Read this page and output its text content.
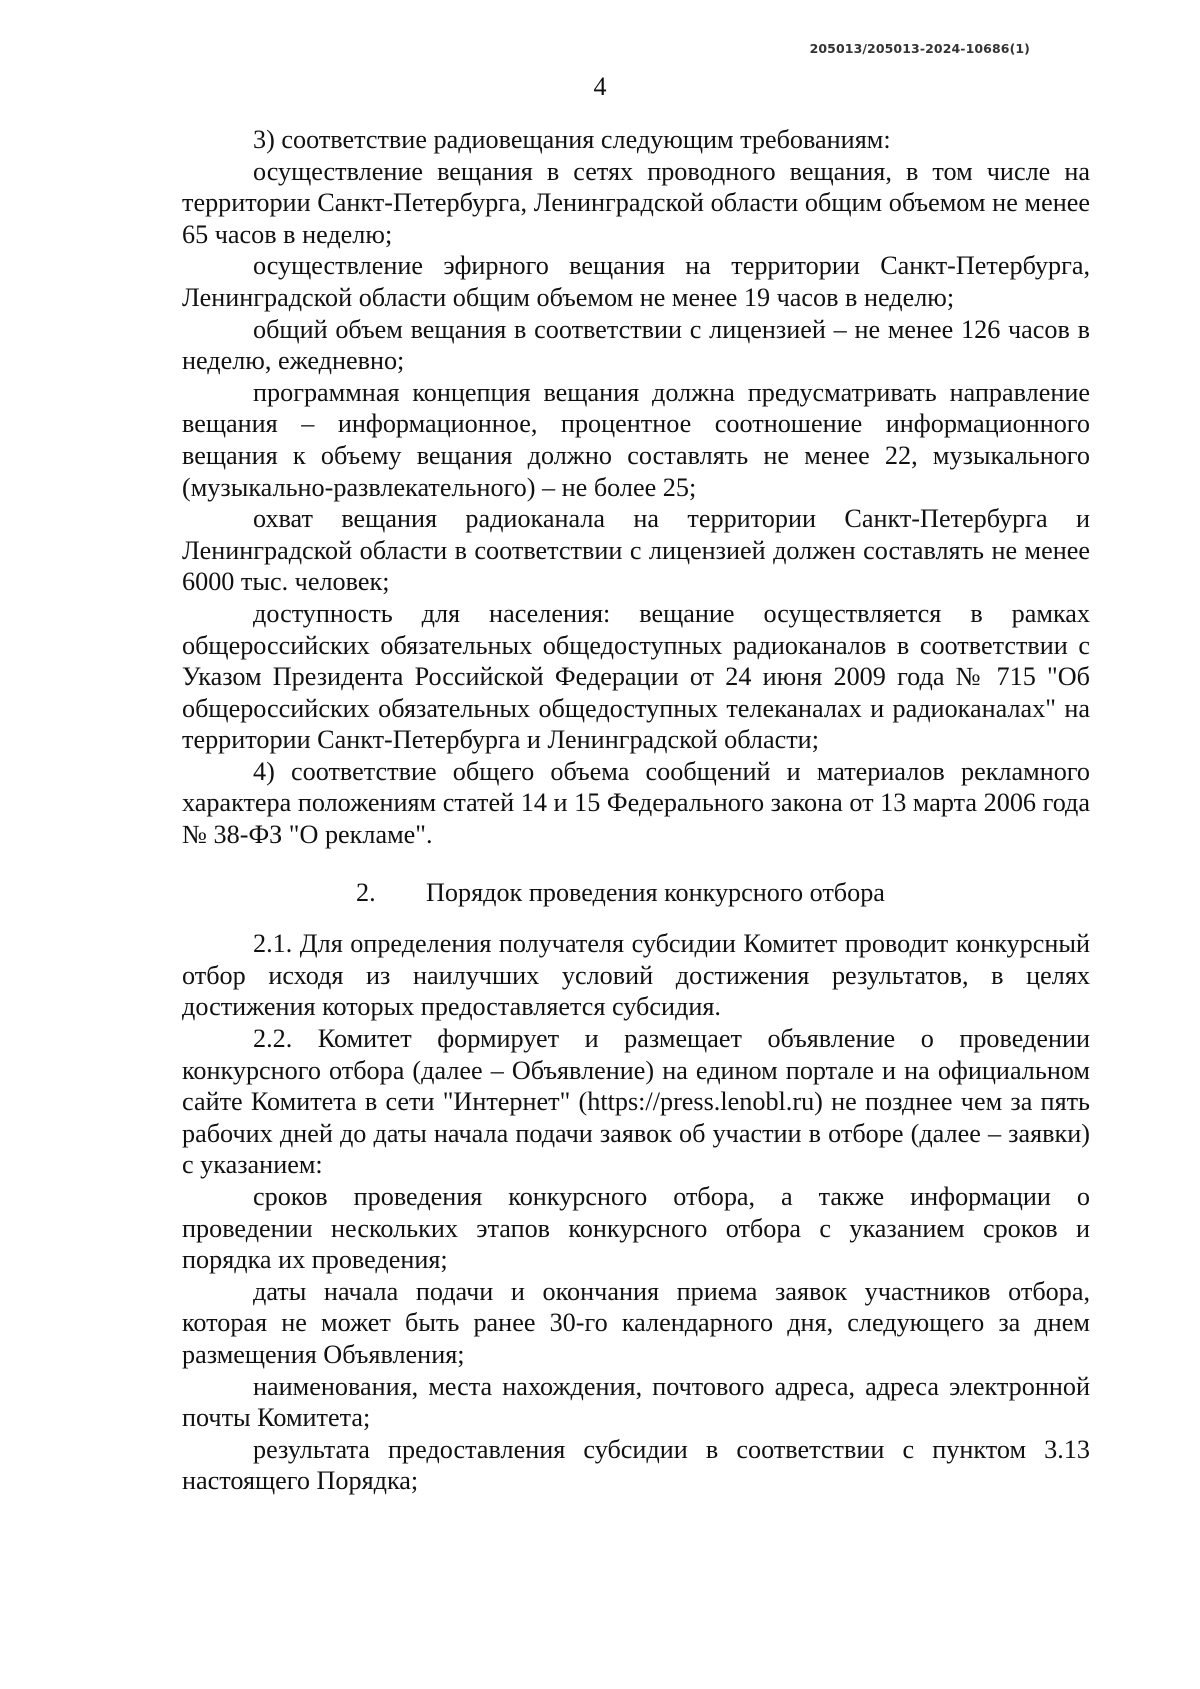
205013/205013-2024-10686(1)
4

3) соответствие радиовещания следующим требованиям:

осуществление вещания в сетях проводного вещания, в том числе на территории Санкт-Петербурга, Ленинградской области общим объемом не менее 65 часов в неделю;

осуществление эфирного вещания на территории Санкт-Петербурга, Ленинградской области общим объемом не менее 19 часов в неделю;

общий объем вещания в соответствии с лицензией – не менее 126 часов в неделю, ежедневно;

программная концепция вещания должна предусматривать направление вещания – информационное, процентное соотношение информационного вещания к объему вещания должно составлять не менее 22, музыкального (музыкально-развлекательного) – не более 25;

охват вещания радиоканала на территории Санкт-Петербурга и Ленинградской области в соответствии с лицензией должен составлять не менее 6000 тыс. человек;

доступность для населения: вещание осуществляется в рамках общероссийских обязательных общедоступных радиоканалов в соответствии с Указом Президента Российской Федерации от 24 июня 2009 года № 715 "Об общероссийских обязательных общедоступных телеканалах и радиоканалах" на территории Санкт-Петербурга и Ленинградской области;

4) соответствие общего объема сообщений и материалов рекламного характера положениям статей 14 и 15 Федерального закона от 13 марта 2006 года № 38-ФЗ "О рекламе".

2. Порядок проведения конкурсного отбора

2.1. Для определения получателя субсидии Комитет проводит конкурсный отбор исходя из наилучших условий достижения результатов, в целях достижения которых предоставляется субсидия.

2.2. Комитет формирует и размещает объявление о проведении конкурсного отбора (далее – Объявление) на едином портале и на официальном сайте Комитета в сети "Интернет" (https://press.lenobl.ru) не позднее чем за пять рабочих дней до даты начала подачи заявок об участии в отборе (далее – заявки) с указанием:

сроков проведения конкурсного отбора, а также информации о проведении нескольких этапов конкурсного отбора с указанием сроков и порядка их проведения;

даты начала подачи и окончания приема заявок участников отбора, которая не может быть ранее 30-го календарного дня, следующего за днем размещения Объявления;

наименования, места нахождения, почтового адреса, адреса электронной почты Комитета;

результата предоставления субсидии в соответствии с пунктом 3.13 настоящего Порядка;
